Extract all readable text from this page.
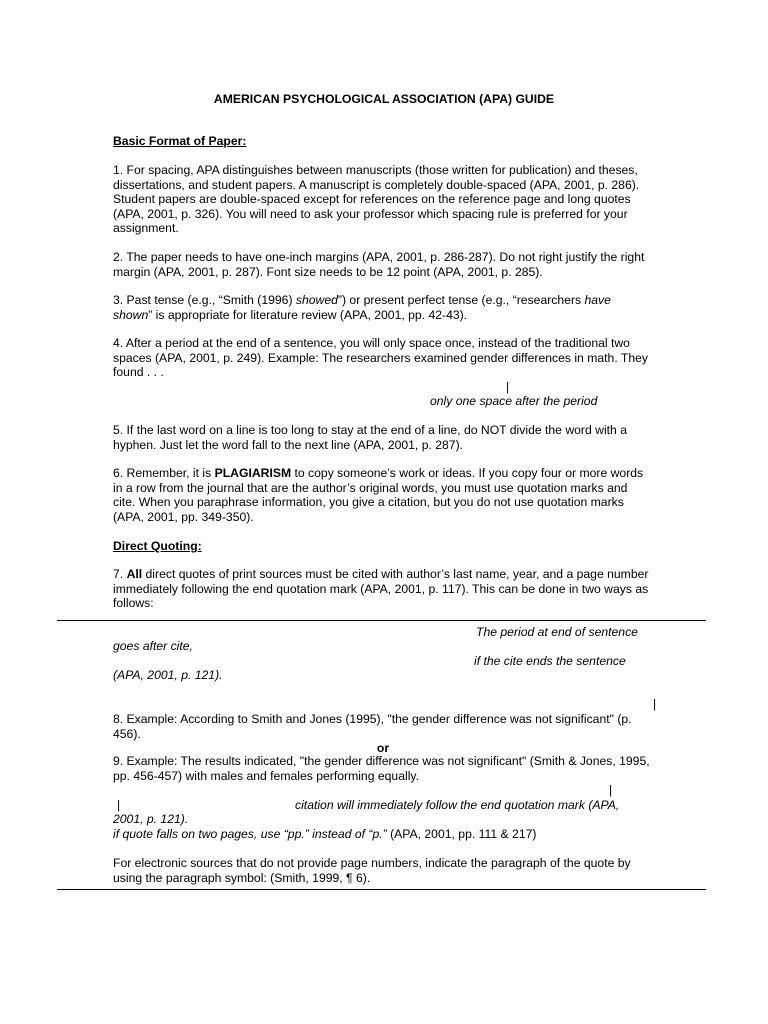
AMERICAN PSYCHOLOGICAL ASSOCIATION (APA) GUIDE

Basic Format of Paper:

1. For spacing, APA distinguishes between manuscripts (those written for publication) and theses, dissertations, and student papers. A manuscript is completely double-spaced (APA, 2001, p. 286). Student papers are double-spaced except for references on the reference page and long quotes (APA, 2001, p. 326). You will need to ask your professor which spacing rule is preferred for your assignment.

2. The paper needs to have one-inch margins (APA, 2001, p. 286-287). Do not right justify the right margin (APA, 2001, p. 287). Font size needs to be 12 point (APA, 2001, p. 285).

3. Past tense (e.g., “Smith (1996) showed”) or present perfect tense (e.g., “researchers have shown” is appropriate for literature review (APA, 2001, pp. 42-43).

4. After a period at the end of a sentence, you will only space once, instead of the traditional two spaces (APA, 2001, p. 249). Example: The researchers examined gender differences in math. They found . . .

|
only one space after the period

5. If the last word on a line is too long to stay at the end of a line, do NOT divide the word with a hyphen. Just let the word fall to the next line (APA, 2001, p. 287).

6. Remember, it is PLAGIARISM to copy someone’s work or ideas. If you copy four or more words in a row from the journal that are the author’s original words, you must use quotation marks and cite. When you paraphrase information, you give a citation, but you do not use quotation marks (APA, 2001, pp. 349-350).

Direct Quoting:

7. All direct quotes of print sources must be cited with author’s last name, year, and a page number immediately following the end quotation mark (APA, 2001, p. 117). This can be done in two ways as follows:

The period at end of sentence
goes after cite,
if the cite ends the sentence
(APA, 2001, p. 121).
|

8. Example: According to Smith and Jones (1995), "the gender difference was not significant" (p. 456).

or

9. Example: The results indicated, "the gender difference was not significant" (Smith & Jones, 1995,
pp. 456-457) with males and females performing equally.

|
|	citation will immediately follow the end quotation mark (APA,
2001, p. 121).
if quote falls on two pages, use “pp.” instead of “p.” (APA, 2001, pp. 111 & 217)

For electronic sources that do not provide page numbers, indicate the paragraph of the quote by using the paragraph symbol: (Smith, 1999, ¶ 6).
